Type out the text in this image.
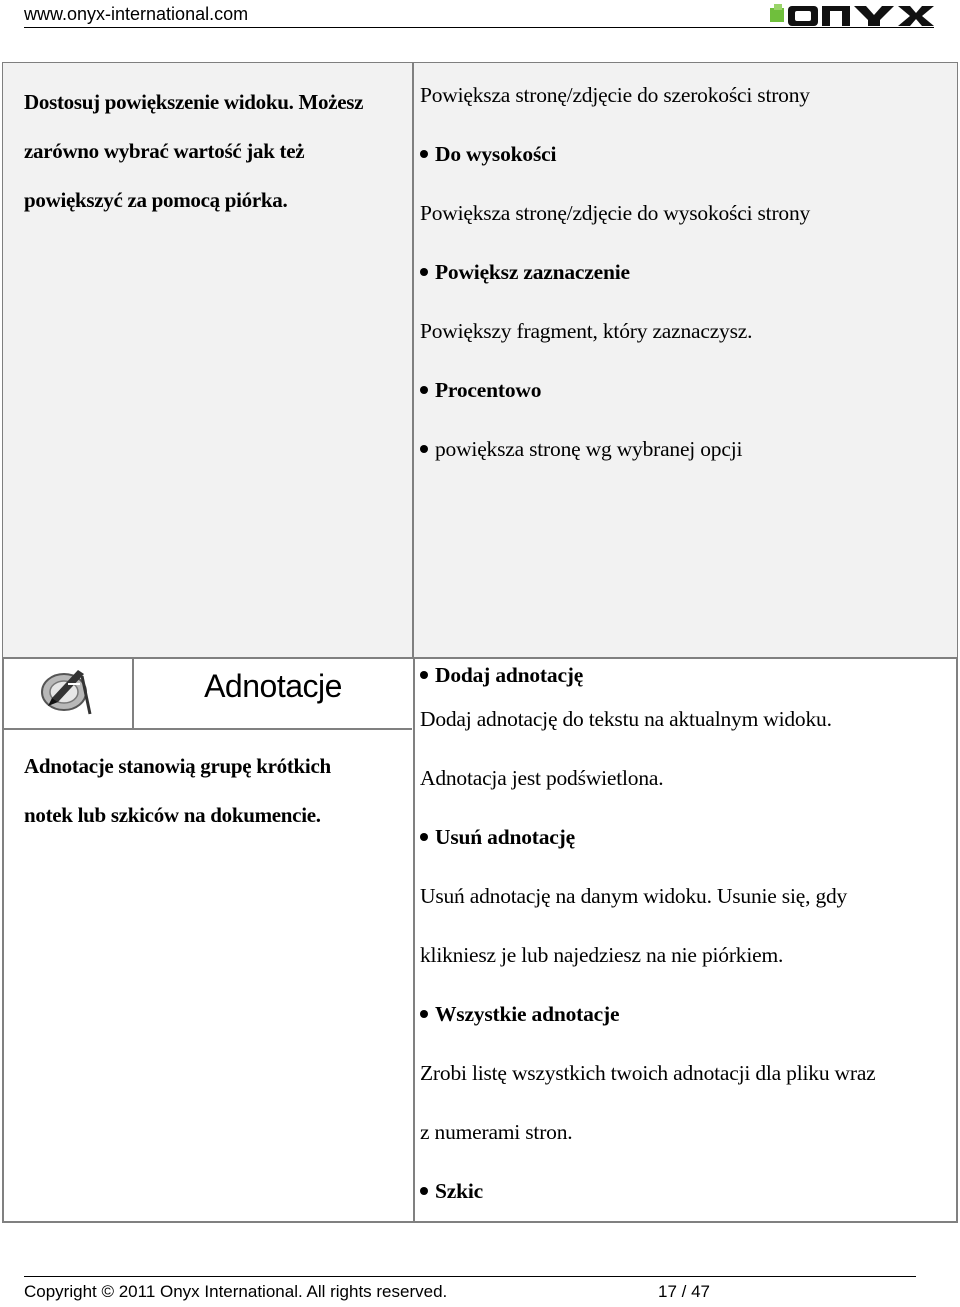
www.onyx-international.com
Dostosuj powiększenie widoku. Możesz
zarówno wybrać wartość jak też
powiększyć za pomocą piórka.
Powiększa stronę/zdjęcie do szerokości strony
Do wysokości
Powiększa stronę/zdjęcie do wysokości strony
Powiększ zaznaczenie
Powiększy fragment, który zaznaczysz.
Procentowo
powiększa stronę wg wybranej opcji
Adnotacje
Adnotacje stanowią grupę krótkich
notek lub szkiców na dokumencie.
Dodaj adnotację
Dodaj adnotację do tekstu na aktualnym widoku.
Adnotacja jest podświetlona.
Usuń adnotację
Usuń adnotację na danym widoku. Usunie się, gdy
klikniesz je lub najedziesz na nie piórkiem.
Wszystkie adnotacje
Zrobi listę wszystkich twoich adnotacji dla pliku wraz
z numerami stron.
Szkic
Copyright © 2011 Onyx International. All rights reserved.	17 / 47
